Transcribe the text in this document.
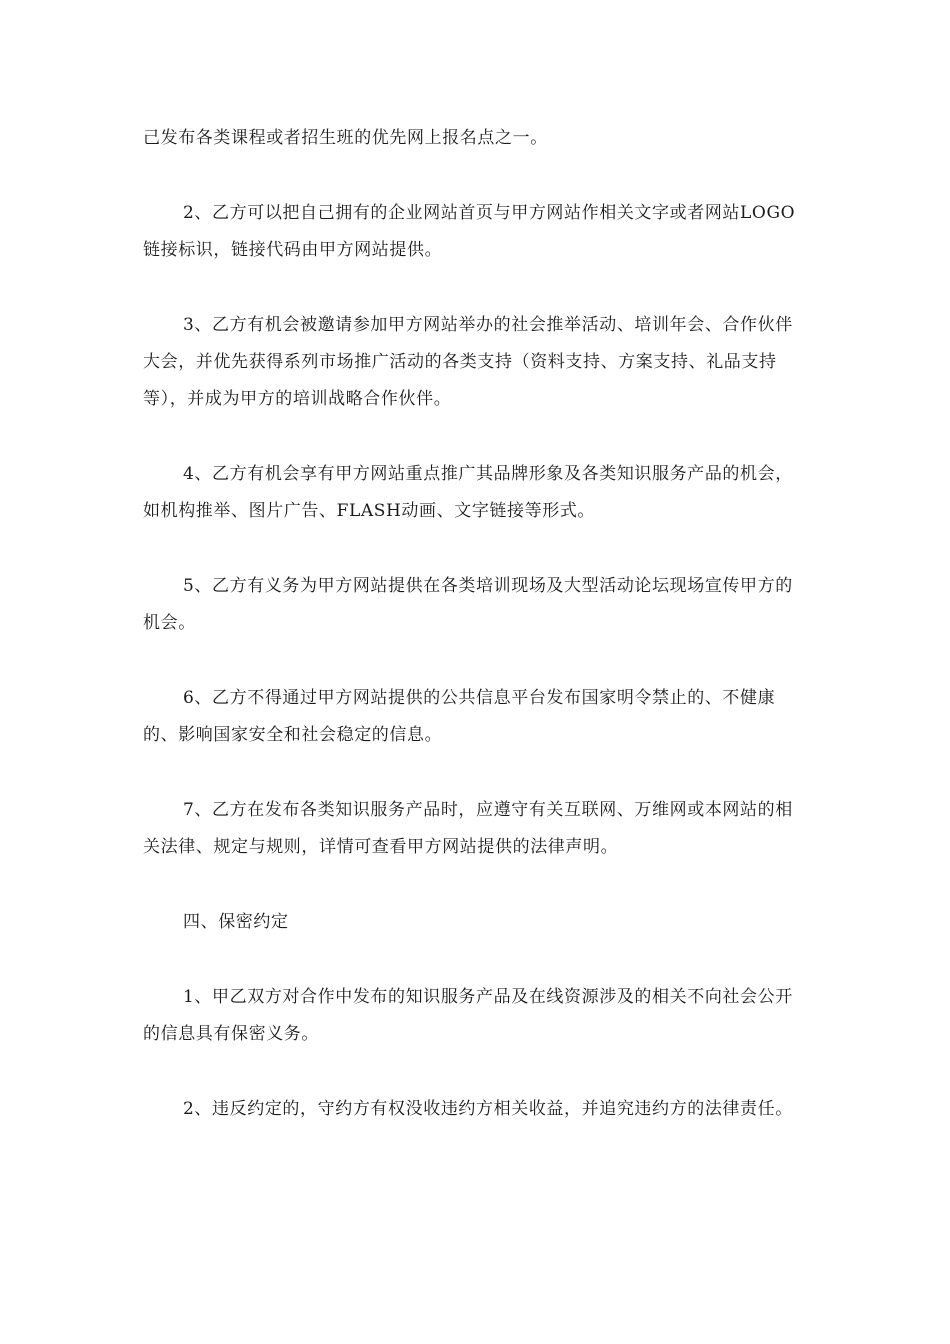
己发布各类课程或者招生班的优先网上报名点之一。

2、乙方可以把自己拥有的企业网站首页与甲方网站作相关文字或者网站LOGO链接标识，链接代码由甲方网站提供。

3、乙方有机会被邀请参加甲方网站举办的社会推举活动、培训年会、合作伙伴大会，并优先获得系列市场推广活动的各类支持（资料支持、方案支持、礼品支持等），并成为甲方的培训战略合作伙伴。

4、乙方有机会享有甲方网站重点推广其品牌形象及各类知识服务产品的机会，如机构推举、图片广告、FLASH动画、文字链接等形式。

5、乙方有义务为甲方网站提供在各类培训现场及大型活动论坛现场宣传甲方的机会。

6、乙方不得通过甲方网站提供的公共信息平台发布国家明令禁止的、不健康的、影响国家安全和社会稳定的信息。

7、乙方在发布各类知识服务产品时，应遵守有关互联网、万维网或本网站的相关法律、规定与规则，详情可查看甲方网站提供的法律声明。

四、保密约定

1、甲乙双方对合作中发布的知识服务产品及在线资源涉及的相关不向社会公开的信息具有保密义务。

2、违反约定的，守约方有权没收违约方相关收益，并追究违约方的法律责任。
